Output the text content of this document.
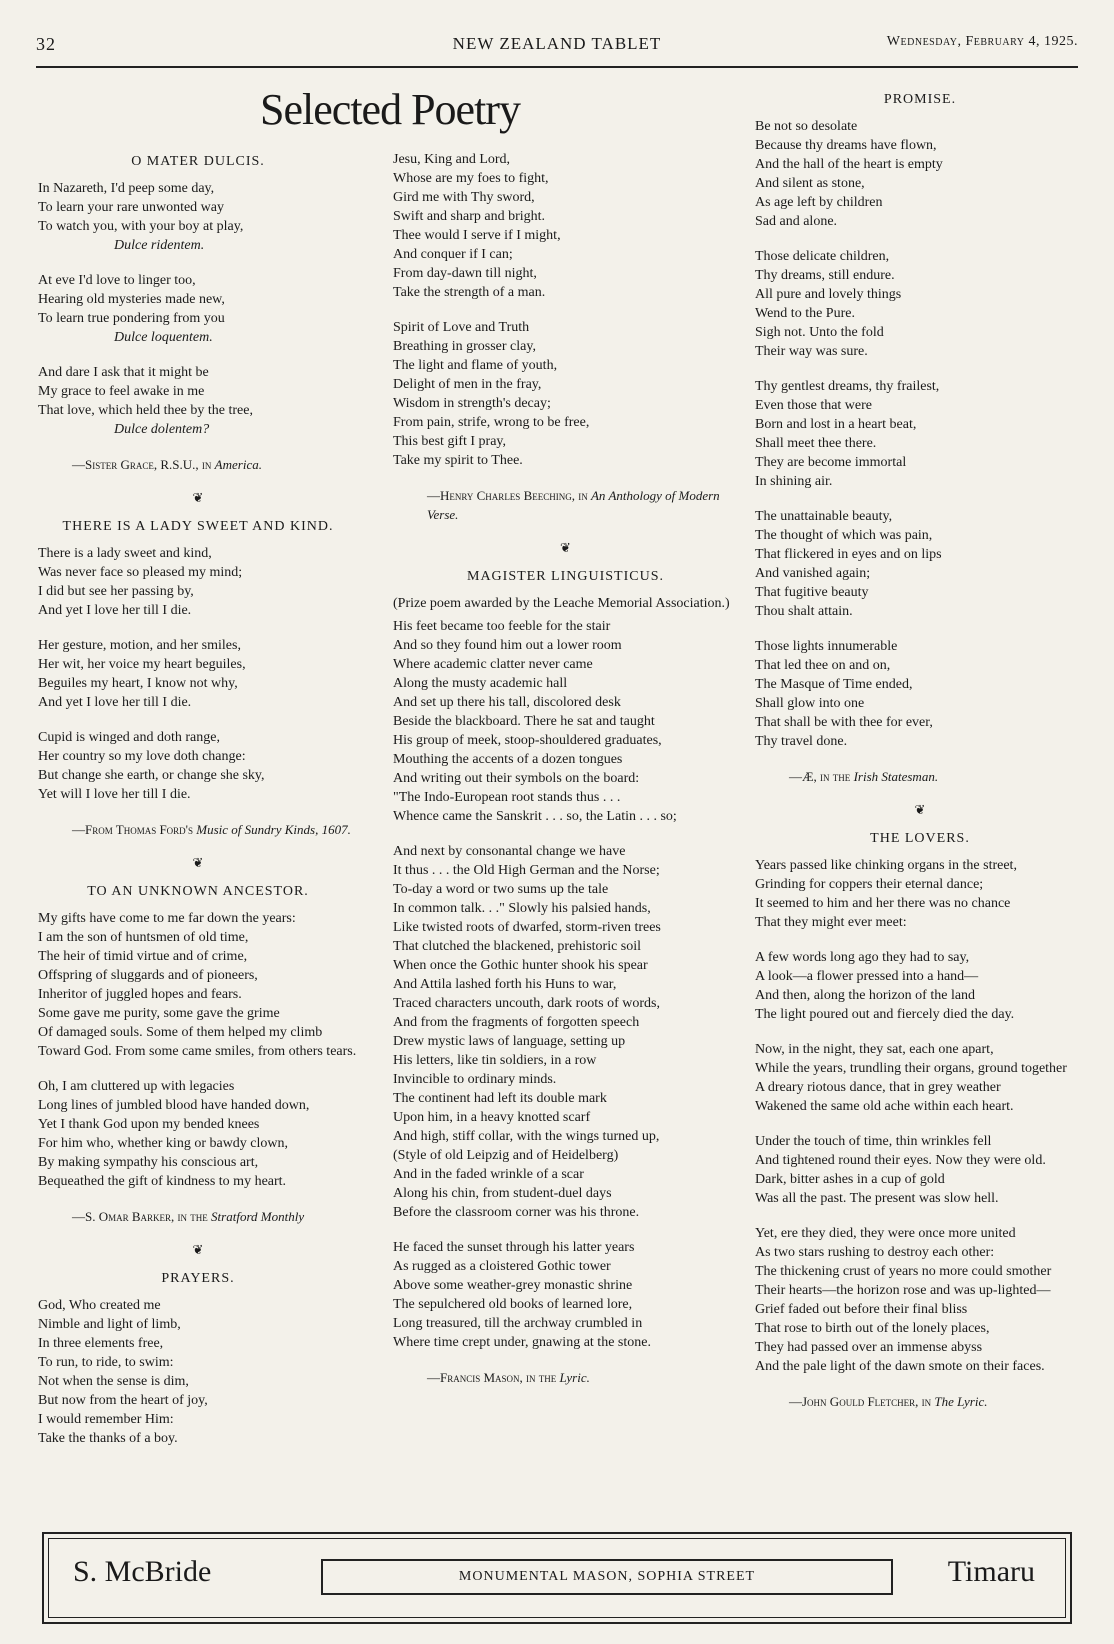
32	NEW ZEALAND TABLET	Wednesday, February 4, 1925.
Selected Poetry
O MATER DULCIS.
In Nazareth, I'd peep some day,
To learn your rare unwonted way
To watch you, with your boy at play,
Dulce ridentem.
At eve I'd love to linger too,
Hearing old mysteries made new,
To learn true pondering from you
Dulce loquentem.
And dare I ask that it might be
My grace to feel awake in me
That love, which held thee by the tree,
Dulce dolentem?
—Sister Grace, R.S.U., in America.
❦
THERE IS A LADY SWEET AND KIND.
There is a lady sweet and kind,
Was never face so pleased my mind;
I did but see her passing by,
And yet I love her till I die.
Her gesture, motion, and her smiles,
Her wit, her voice my heart beguiles,
Beguiles my heart, I know not why,
And yet I love her till I die.
Cupid is winged and doth range,
Her country so my love doth change:
But change she earth, or change she sky,
Yet will I love her till I die.
—From Thomas Ford's Music of Sundry Kinds, 1607.
❦
TO AN UNKNOWN ANCESTOR.
My gifts have come to me far down the years:
I am the son of huntsmen of old time,
The heir of timid virtue and of crime,
Offspring of sluggards and of pioneers,
Inheritor of juggled hopes and fears.
Some gave me purity, some gave the grime
Of damaged souls. Some of them helped my climb
Toward God. From some came smiles, from others tears.
Oh, I am cluttered up with legacies
Long lines of jumbled blood have handed down,
Yet I thank God upon my bended knees
For him who, whether king or bawdy clown,
By making sympathy his conscious art,
Bequeathed the gift of kindness to my heart.
—S. Omar Barker, in the Stratford Monthly
❦
PRAYERS.
God, Who created me
Nimble and light of limb,
In three elements free,
To run, to ride, to swim:
Not when the sense is dim,
But now from the heart of joy,
I would remember Him:
Take the thanks of a boy.
Jesu, King and Lord,
Whose are my foes to fight,
Gird me with Thy sword,
Swift and sharp and bright.
Thee would I serve if I might,
And conquer if I can;
From day-dawn till night,
Take the strength of a man.
Spirit of Love and Truth
Breathing in grosser clay,
The light and flame of youth,
Delight of men in the fray,
Wisdom in strength's decay;
From pain, strife, wrong to be free,
This best gift I pray,
Take my spirit to Thee.
—Henry Charles Beeching, in An Anthology of Modern Verse.
❦
MAGISTER LINGUISTICUS.
(Prize poem awarded by the Leache Memorial Association.)
His feet became too feeble for the stair
And so they found him out a lower room
Where academic clatter never came
Along the musty academic hall
And set up there his tall, discolored desk
Beside the blackboard. There he sat and taught
His group of meek, stoop-shouldered graduates,
Mouthing the accents of a dozen tongues
And writing out their symbols on the board:
"The Indo-European root stands thus . . .
Whence came the Sanskrit . . . so, the Latin . . . so;
And next by consonantal change we have
It thus . . . the Old High German and the Norse;
To-day a word or two sums up the tale
In common talk. . ." Slowly his palsied hands,
Like twisted roots of dwarfed, storm-riven trees
That clutched the blackened, prehistoric soil
When once the Gothic hunter shook his spear
And Attila lashed forth his Huns to war,
Traced characters uncouth, dark roots of words,
And from the fragments of forgotten speech
Drew mystic laws of language, setting up
His letters, like tin soldiers, in a row
Invincible to ordinary minds.
The continent had left its double mark
Upon him, in a heavy knotted scarf
And high, stiff collar, with the wings turned up,
(Style of old Leipzig and of Heidelberg)
And in the faded wrinkle of a scar
Along his chin, from student-duel days
Before the classroom corner was his throne.
He faced the sunset through his latter years
As rugged as a cloistered Gothic tower
Above some weather-grey monastic shrine
The sepulchered old books of learned lore,
Long treasured, till the archway crumbled in
Where time crept under, gnawing at the stone.
—Francis Mason, in the Lyric.
PROMISE.
Be not so desolate
Because thy dreams have flown,
And the hall of the heart is empty
And silent as stone,
As age left by children
Sad and alone.
Those delicate children,
Thy dreams, still endure.
All pure and lovely things
Wend to the Pure.
Sigh not. Unto the fold
Their way was sure.
Thy gentlest dreams, thy frailest,
Even those that were
Born and lost in a heart beat,
Shall meet thee there.
They are become immortal
In shining air.
The unattainable beauty,
The thought of which was pain,
That flickered in eyes and on lips
And vanished again;
That fugitive beauty
Thou shalt attain.
Those lights innumerable
That led thee on and on,
The Masque of Time ended,
Shall glow into one
That shall be with thee for ever,
Thy travel done.
—Æ, in the Irish Statesman.
❦
THE LOVERS.
Years passed like chinking organs in the street,
Grinding for coppers their eternal dance;
It seemed to him and her there was no chance
That they might ever meet:
A few words long ago they had to say,
A look—a flower pressed into a hand—
And then, along the horizon of the land
The light poured out and fiercely died the day.
Now, in the night, they sat, each one apart,
While the years, trundling their organs, ground together
A dreary riotous dance, that in grey weather
Wakened the same old ache within each heart.
Under the touch of time, thin wrinkles fell
And tightened round their eyes. Now they were old.
Dark, bitter ashes in a cup of gold
Was all the past. The present was slow hell.
Yet, ere they died, they were once more united
As two stars rushing to destroy each other:
The thickening crust of years no more could smother
Their hearts—the horizon rose and was up-lighted—
Grief faded out before their final bliss
That rose to birth out of the lonely places,
They had passed over an immense abyss
And the pale light of the dawn smote on their faces.
—John Gould Fletcher, in The Lyric.
S. McBride	MONUMENTAL MASON, SOPHIA STREET	Timaru
